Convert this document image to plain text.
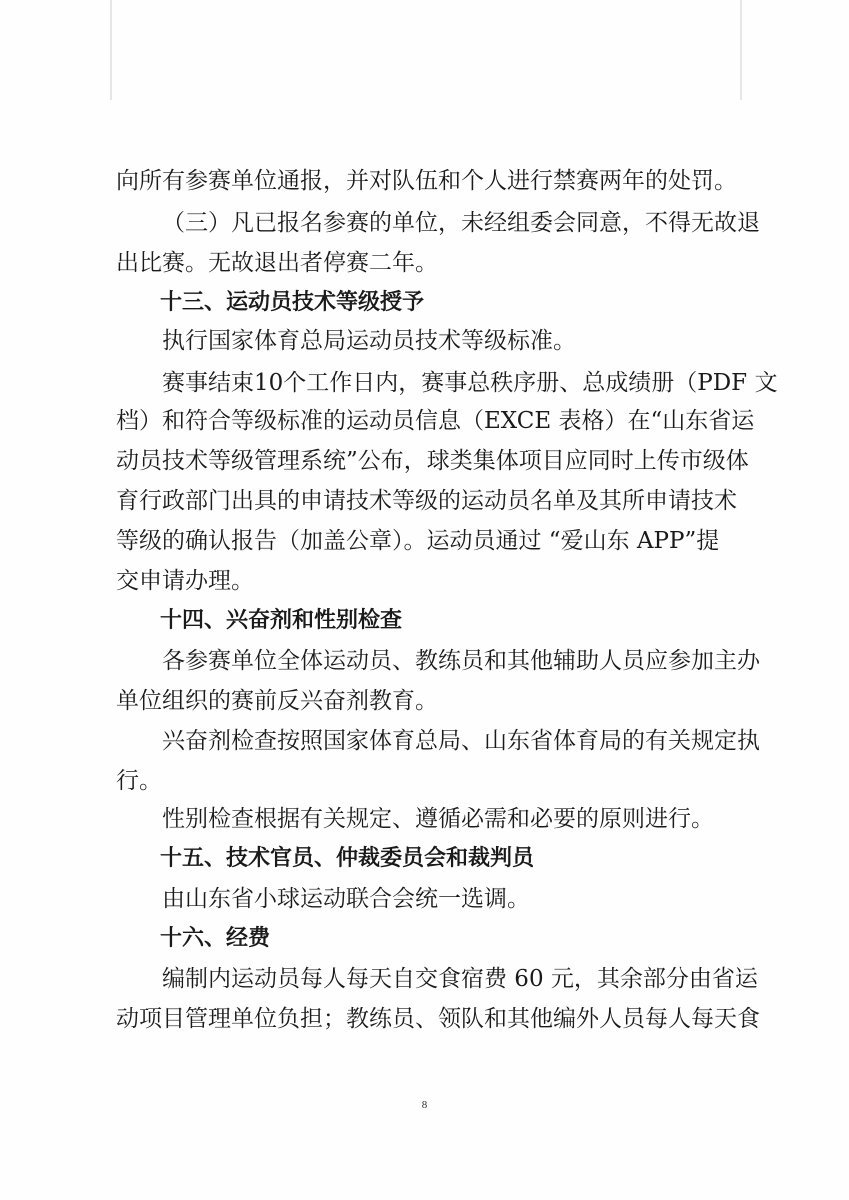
向所有参赛单位通报，并对队伍和个人进行禁赛两年的处罚。
（三）凡已报名参赛的单位，未经组委会同意，不得无故退
出比赛。无故退出者停赛二年。
十三、运动员技术等级授予
执行国家体育总局运动员技术等级标准。
赛事结束10个工作日内，赛事总秩序册、总成绩册（PDF 文
档）和符合等级标准的运动员信息（EXCE 表格）在“山东省运
动员技术等级管理系统”公布，球类集体项目应同时上传市级体
育行政部门出具的申请技术等级的运动员名单及其所申请技术
等级的确认报告（加盖公章）。运动员通过 “爱山东 APP”提
交申请办理。
十四、兴奋剂和性别检查
各参赛单位全体运动员、教练员和其他辅助人员应参加主办
单位组织的赛前反兴奋剂教育。
兴奋剂检查按照国家体育总局、山东省体育局的有关规定执
行。
性别检查根据有关规定、遵循必需和必要的原则进行。
十五、技术官员、仲裁委员会和裁判员
由山东省小球运动联合会统一选调。
十六、经费
编制内运动员每人每天自交食宿费 60 元，其余部分由省运
动项目管理单位负担；教练员、领队和其他编外人员每人每天食
8
